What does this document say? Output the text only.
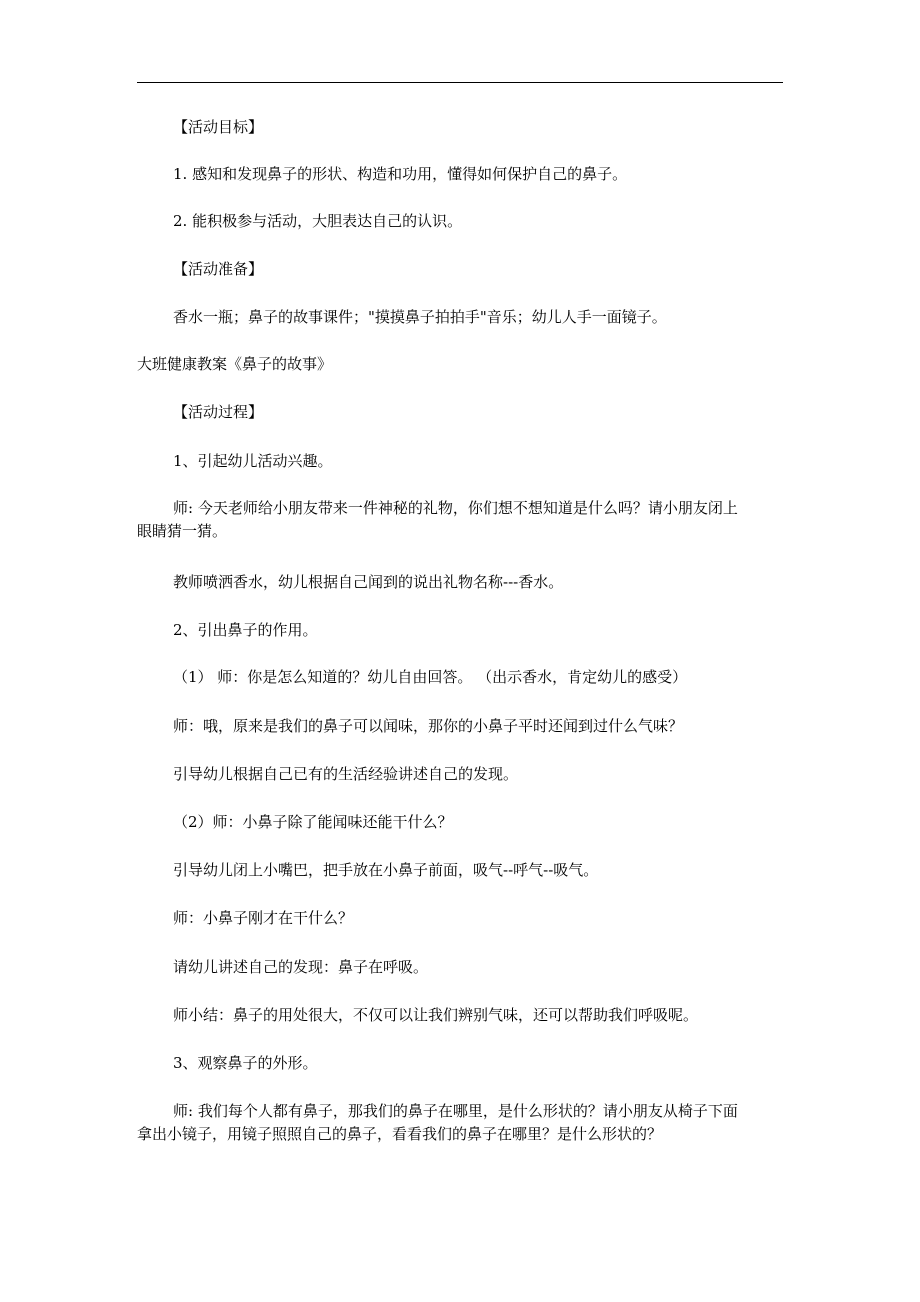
【活动目标】
1. 感知和发现鼻子的形状、构造和功用，懂得如何保护自己的鼻子。
2. 能积极参与活动，大胆表达自己的认识。
【活动准备】
香水一瓶；鼻子的故事课件；"摸摸鼻子拍拍手"音乐；幼儿人手一面镜子。
大班健康教案《鼻子的故事》
【活动过程】
1、引起幼儿活动兴趣。
师: 今天老师给小朋友带来一件神秘的礼物，你们想不想知道是什么吗？请小朋友闭上
眼睛猜一猜。
教师喷洒香水，幼儿根据自己闻到的说出礼物名称---香水。
2、引出鼻子的作用。
（1） 师：你是怎么知道的？幼儿自由回答。 （出示香水，肯定幼儿的感受）
师：哦，原来是我们的鼻子可以闻味，那你的小鼻子平时还闻到过什么气味？
引导幼儿根据自己已有的生活经验讲述自己的发现。
（2）师：小鼻子除了能闻味还能干什么？
引导幼儿闭上小嘴巴，把手放在小鼻子前面，吸气--呼气--吸气。
师：小鼻子刚才在干什么？
请幼儿讲述自己的发现：鼻子在呼吸。
师小结：鼻子的用处很大，不仅可以让我们辨别气味，还可以帮助我们呼吸呢。
3、观察鼻子的外形。
师: 我们每个人都有鼻子，那我们的鼻子在哪里，是什么形状的？请小朋友从椅子下面
拿出小镜子，用镜子照照自己的鼻子，看看我们的鼻子在哪里？是什么形状的？
